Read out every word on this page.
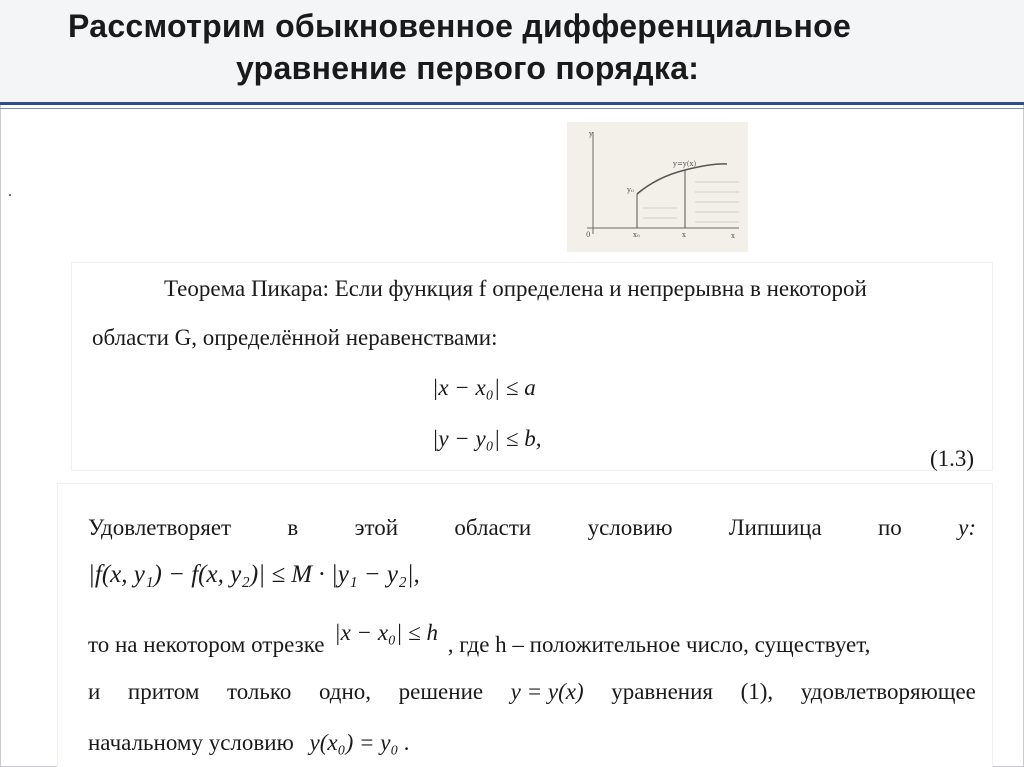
Рассмотрим обыкновенное дифференциальное
уравнение первого порядка:
.
y
x
y=y(x)
y₀
0	x₀	x
Теорема Пикара: Если функция f определена и непрерывна в некоторой
области G, определённой неравенствами:
|x − x₀| ≤ a
|y − y₀| ≤ b,
(1.3)
Удовлетворяет в этой области условию Липшица по y:
|f(x, y₁) − f(x, y₂)| ≤ M · |y₁ − y₂|,
то на некотором отрезке |x − x₀| ≤ h , где h – положительное число, существует,
и притом только одно, решение y = y(x) уравнения (1), удовлетворяющее
начальному условию y(x₀) = y₀ .
